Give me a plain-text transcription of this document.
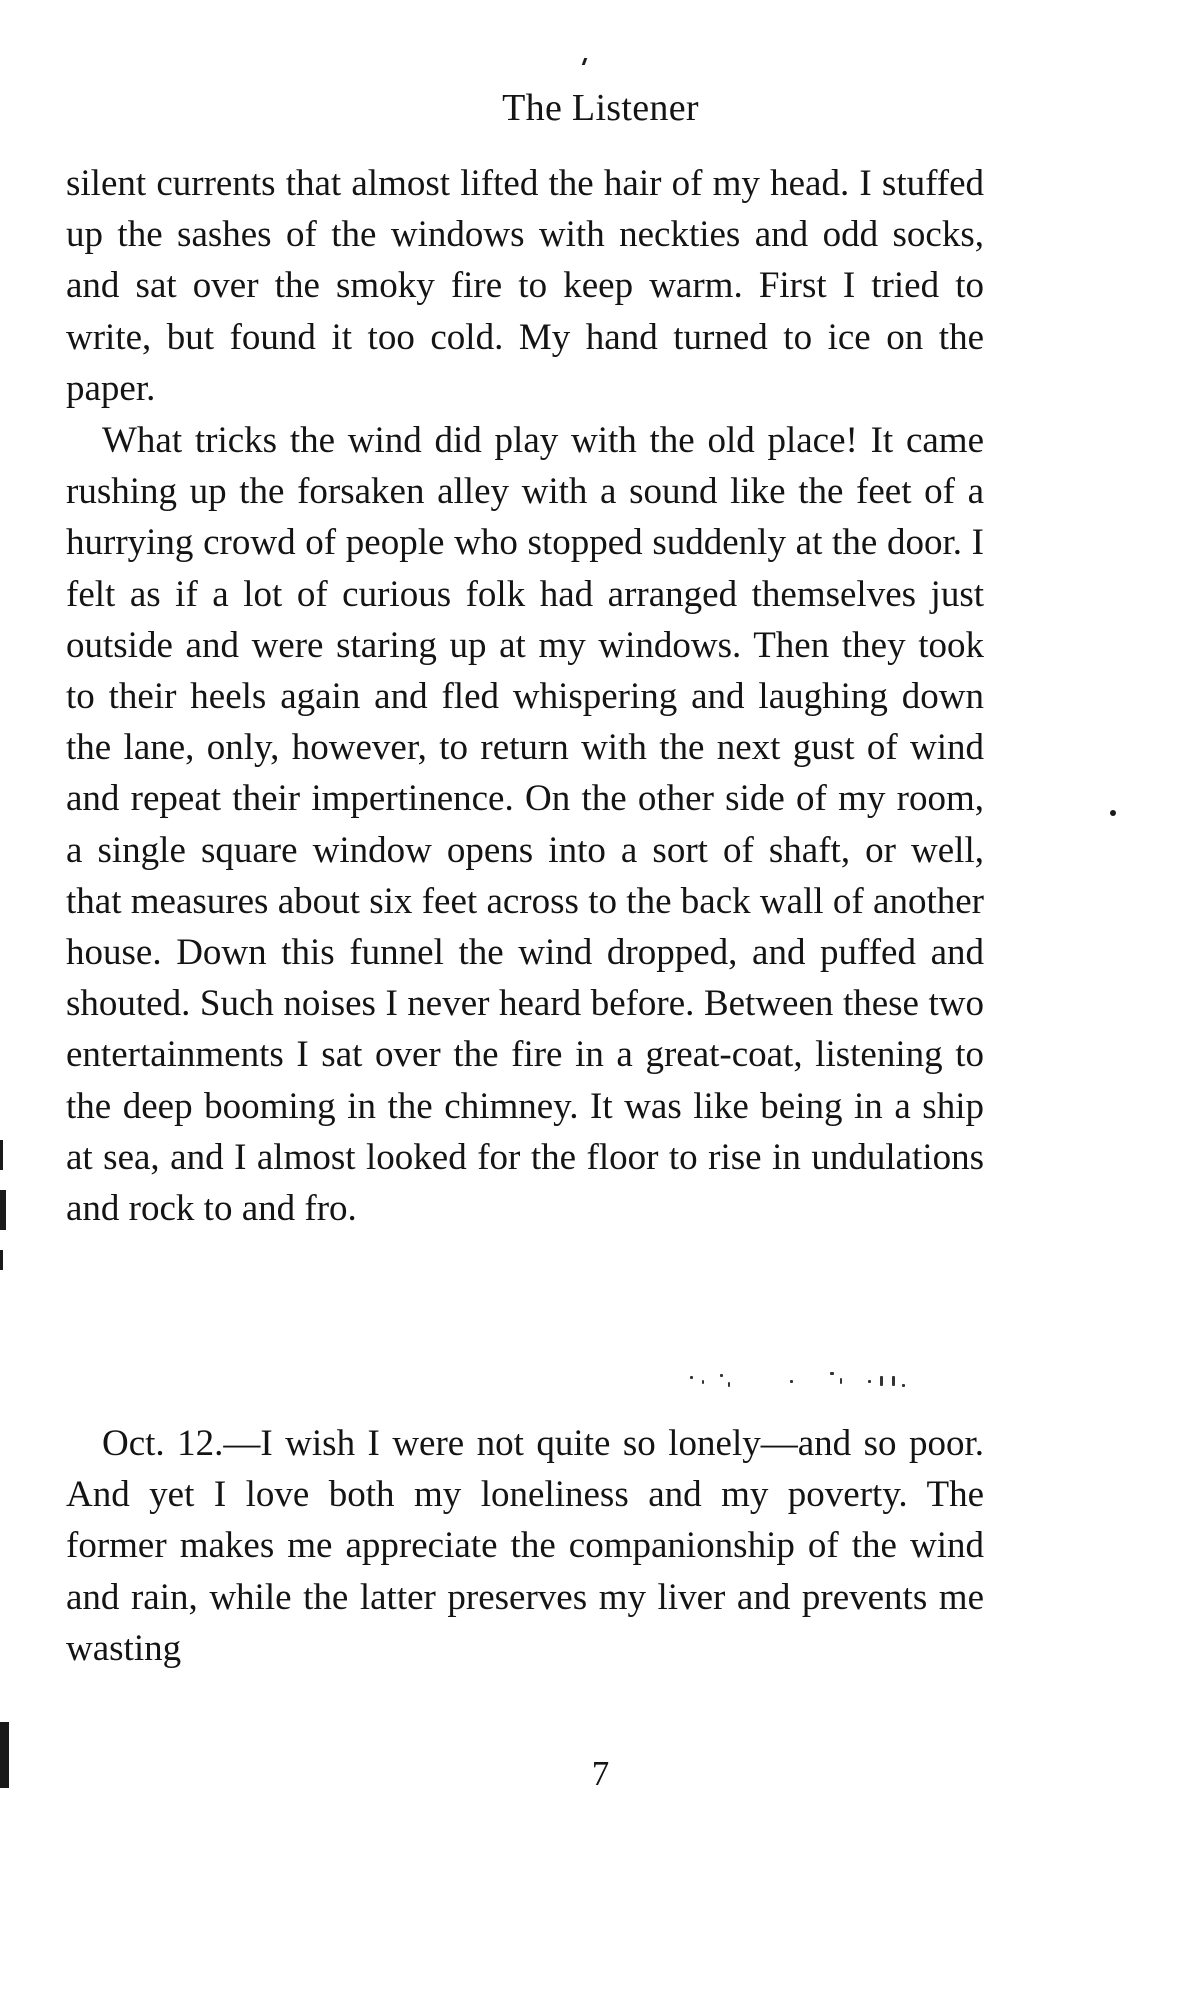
The Listener

silent currents that almost lifted the hair of my head. I stuffed up the sashes of the windows with neckties and odd socks, and sat over the smoky fire to keep warm. First I tried to write, but found it too cold. My hand turned to ice on the paper.

What tricks the wind did play with the old place! It came rushing up the forsaken alley with a sound like the feet of a hurrying crowd of people who stopped suddenly at the door. I felt as if a lot of curious folk had arranged themselves just outside and were staring up at my windows. Then they took to their heels again and fled whispering and laughing down the lane, only, however, to return with the next gust of wind and repeat their impertinence. On the other side of my room, a single square window opens into a sort of shaft, or well, that measures about six feet across to the back wall of another house. Down this funnel the wind dropped, and puffed and shouted. Such noises I never heard before. Between these two entertainments I sat over the fire in a great-coat, listening to the deep booming in the chimney. It was like being in a ship at sea, and I almost looked for the floor to rise in undulations and rock to and fro.

Oct. 12.—I wish I were not quite so lonely—and so poor. And yet I love both my loneliness and my poverty. The former makes me appreciate the companionship of the wind and rain, while the latter preserves my liver and prevents me wasting

7
